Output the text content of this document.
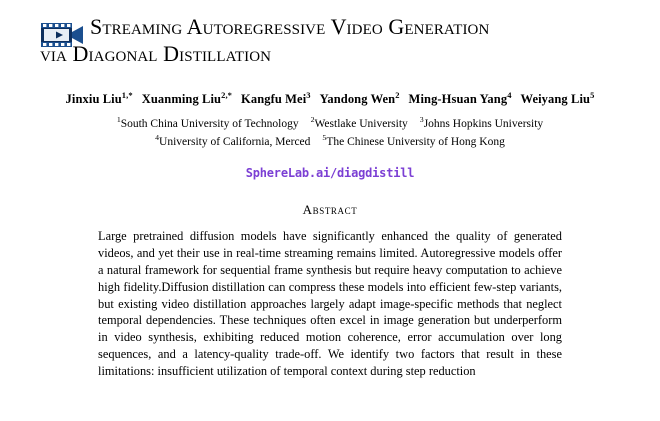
Streaming Autoregressive Video Generation
via Diagonal Distillation
Jinxiu Liu$^{1,*}$ Xuanming Liu$^{2,*}$ Kangfu Mei$^3$ Yandong Wen$^2$ Ming-Hsuan Yang$^4$ Weiyang Liu$^5$
$^1$South China University of Technology $^2$Westlake University $^3$Johns Hopkins University
$^4$University of California, Merced $^5$The Chinese University of Hong Kong
SphereLab.ai/diagdistill
Abstract
Large pretrained diffusion models have significantly enhanced the quality of generated videos, and yet their use in real-time streaming remains limited. Autoregressive models offer a natural framework for sequential frame synthesis but require heavy computation to achieve high fidelity.Diffusion distillation can compress these models into efficient few-step variants, but existing video distillation approaches largely adapt image-specific methods that neglect temporal dependencies. These techniques often excel in image generation but underperform in video synthesis, exhibiting reduced motion coherence, error accumulation over long sequences, and a latency-quality trade-off. We identify two factors that result in these limitations: insufficient utilization of temporal context during step reduction
